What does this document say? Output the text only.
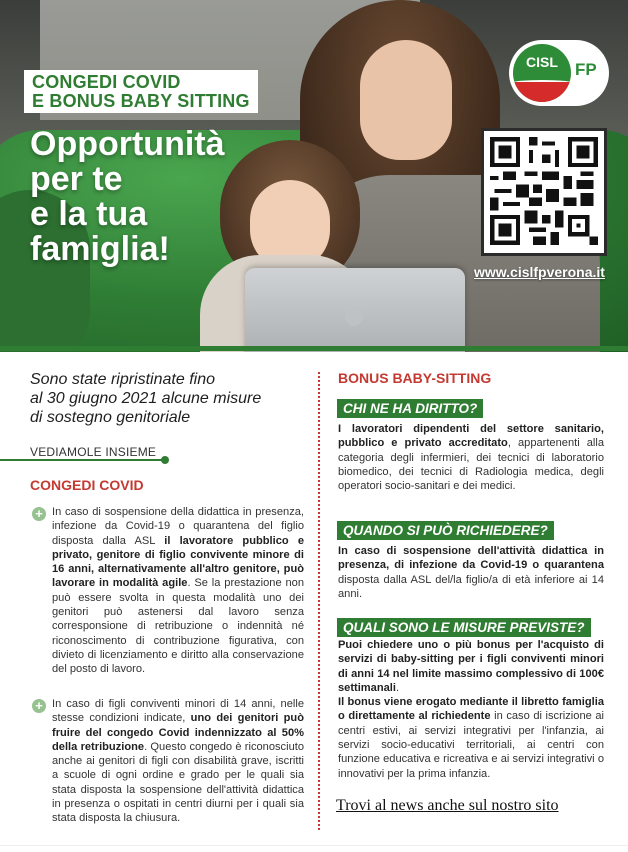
CONGEDI COVID
E BONUS BABY SITTING
Opportunità
per te
e la tua
famiglia!
CISL	FP
www.cislfpverona.it
Sono state ripristinate fino
al 30 giugno 2021 alcune misure
di sostegno genitoriale
VEDIAMOLE INSIEME
CONGEDI COVID
+ In caso di sospensione della didattica in presenza, infezione da Covid-19 o quarantena del figlio disposta dalla ASL il lavoratore pubblico e privato, genitore di figlio convivente minore di 16 anni, alternativamente all'altro genitore, può lavorare in modalità agile. Se la prestazione non può essere svolta in questa modalità uno dei genitori può astenersi dal lavoro senza corresponsione di retribuzione o indennità né riconoscimento di contribuzione figurativa, con divieto di licenziamento e diritto alla conservazione del posto di lavoro.

+ In caso di figli conviventi minori di 14 anni, nelle stesse condizioni indicate, uno dei genitori può fruire del congedo Covid indennizzato al 50% della retribuzione. Questo congedo è riconosciuto anche ai genitori di figli con disabilità grave, iscritti a scuole di ogni ordine e grado per le quali sia stata disposta la sospensione dell'attività didattica in presenza o ospitati in centri diurni per i quali sia stata disposta la chiusura.

BONUS BABY-SITTING
CHI NE HA DIRITTO?
I lavoratori dipendenti del settore sanitario, pubblico e privato accreditato, appartenenti alla categoria degli infermieri, dei tecnici di laboratorio biomedico, dei tecnici di Radiologia medica, degli operatori socio-sanitari e dei medici.
QUANDO SI PUÒ RICHIEDERE?
In caso di sospensione dell'attività didattica in presenza, di infezione da Covid-19 o quarantena disposta dalla ASL del/la figlio/a di età inferiore ai 14 anni.
QUALI SONO LE MISURE PREVISTE?
Puoi chiedere uno o più bonus per l'acquisto di servizi di baby-sitting per i figli conviventi minori di anni 14 nel limite massimo complessivo di 100€ settimanali.
Il bonus viene erogato mediante il libretto famiglia o direttamente al richiedente in caso di iscrizione ai centri estivi, ai servizi integrativi per l'infanzia, ai servizi socio-educativi territoriali, ai centri con funzione educativa e ricreativa e ai servizi integrativi o innovativi per la prima infanzia.
Trovi al news anche sul nostro sito
